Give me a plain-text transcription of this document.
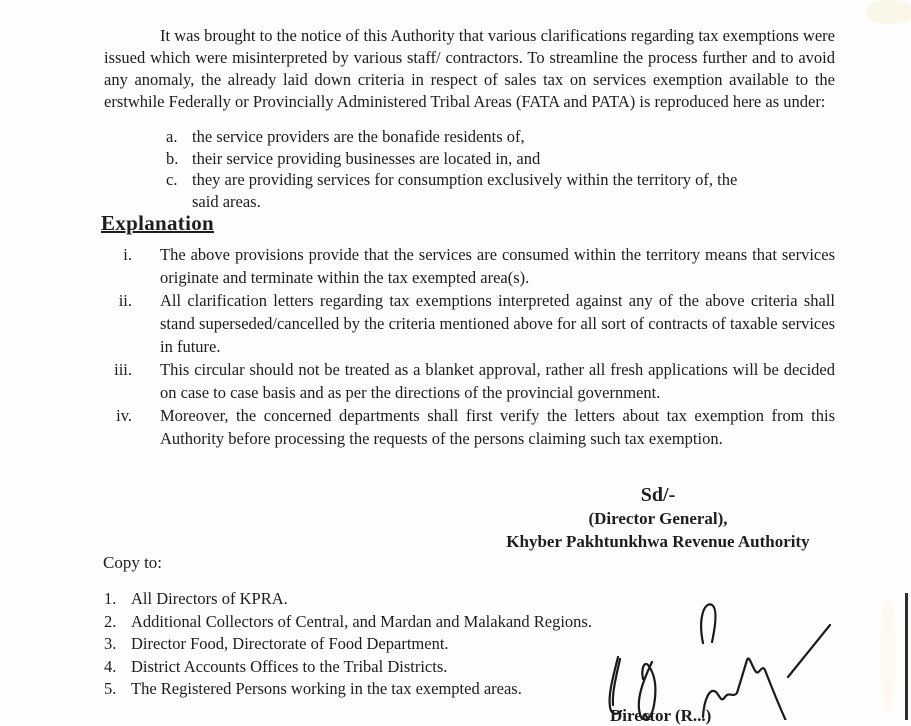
It was brought to the notice of this Authority that various clarifications regarding tax exemptions were issued which were misinterpreted by various staff/ contractors. To streamline the process further and to avoid any anomaly, the already laid down criteria in respect of sales tax on services exemption available to the erstwhile Federally or Provincially Administered Tribal Areas (FATA and PATA) is reproduced here as under:

a. the service providers are the bonafide residents of,
b. their service providing businesses are located in, and
c. they are providing services for consumption exclusively within the territory of, the said areas.
Explanation
i. The above provisions provide that the services are consumed within the territory means that services originate and terminate within the tax exempted area(s).
ii. All clarification letters regarding tax exemptions interpreted against any of the above criteria shall stand superseded/cancelled by the criteria mentioned above for all sort of contracts of taxable services in future.
iii. This circular should not be treated as a blanket approval, rather all fresh applications will be decided on case to case basis and as per the directions of the provincial government.
iv. Moreover, the concerned departments shall first verify the letters about tax exemption from this Authority before processing the requests of the persons claiming such tax exemption.
Sd/-
(Director General),
Khyber Pakhtunkhwa Revenue Authority
Copy to:
1. All Directors of KPRA.
2. Additional Collectors of Central, and Mardan and Malakand Regions.
3. Director Food, Directorate of Food Department.
4. District Accounts Offices to the Tribal Districts.
5. The Registered Persons working in the tax exempted areas.
Director (R...)
